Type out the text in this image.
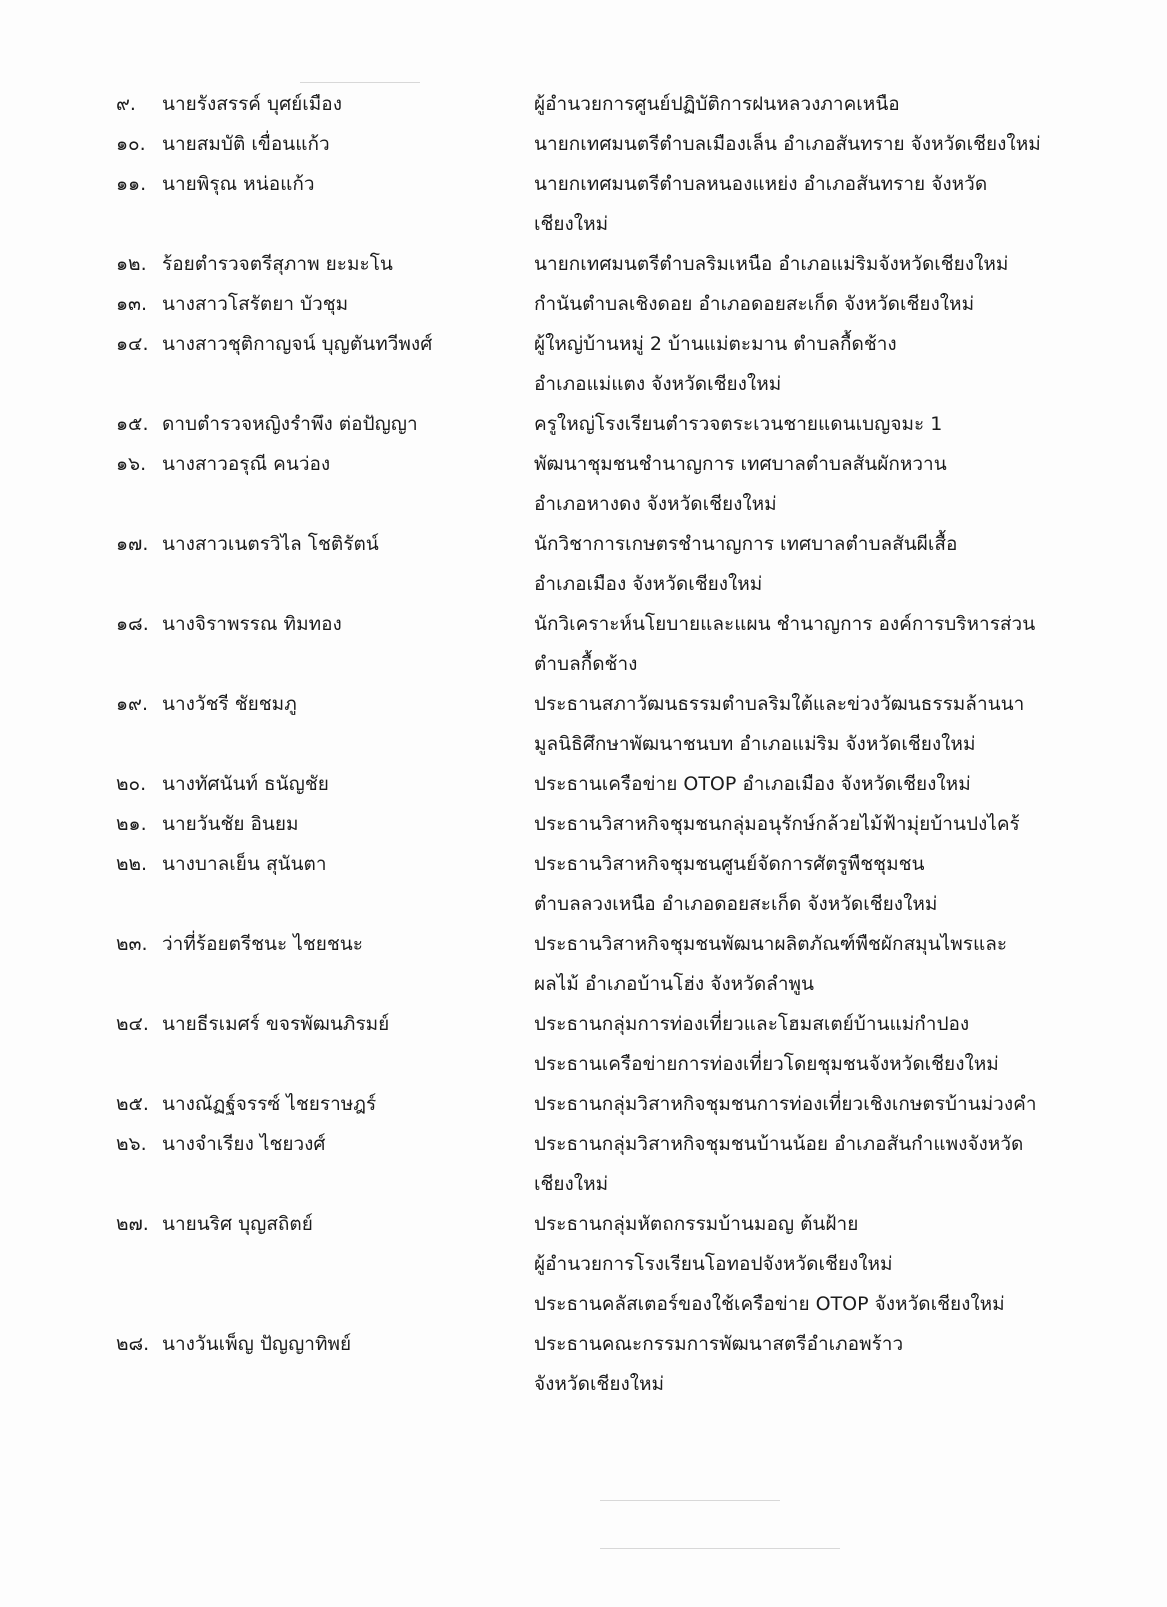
๙.	นายรังสรรค์ บุศย์เมือง	ผู้อำนวยการศูนย์ปฏิบัติการฝนหลวงภาคเหนือ
๑๐. นายสมบัติ เขื่อนแก้ว	นายกเทศมนตรีตำบลเมืองเล็น อำเภอสันทราย จังหวัดเชียงใหม่
๑๑. นายพิรุณ หน่อแก้ว	นายกเทศมนตรีตำบลหนองแหย่ง อำเภอสันทราย จังหวัด
เชียงใหม่
๑๒. ร้อยตำรวจตรีสุภาพ ยะมะโน	นายกเทศมนตรีตำบลริมเหนือ อำเภอแม่ริมจังหวัดเชียงใหม่
๑๓. นางสาวโสรัตยา บัวชุม	กำนันตำบลเชิงดอย อำเภอดอยสะเก็ด จังหวัดเชียงใหม่
๑๔. นางสาวชุติกาญจน์ บุญตันทวีพงศ์	ผู้ใหญ่บ้านหมู่ 2 บ้านแม่ตะมาน ตำบลกื้ดช้าง
อำเภอแม่แตง จังหวัดเชียงใหม่
๑๕. ดาบตำรวจหญิงรำพึง ต่อปัญญา	ครูใหญ่โรงเรียนตำรวจตระเวนชายแดนเบญจมะ 1
๑๖. นางสาวอรุณี คนว่อง	พัฒนาชุมชนชำนาญการ เทศบาลตำบลสันผักหวาน
อำเภอหางดง จังหวัดเชียงใหม่
๑๗. นางสาวเนตรวิไล โชติรัตน์	นักวิชาการเกษตรชำนาญการ เทศบาลตำบลสันผีเสื้อ
อำเภอเมือง จังหวัดเชียงใหม่
๑๘. นางจิราพรรณ ทิมทอง	นักวิเคราะห์นโยบายและแผน ชำนาญการ องค์การบริหารส่วน
ตำบลกื้ดช้าง
๑๙. นางวัชรี ชัยชมภู	ประธานสภาวัฒนธรรมตำบลริมใต้และข่วงวัฒนธรรมล้านนา
มูลนิธิศึกษาพัฒนาชนบท อำเภอแม่ริม จังหวัดเชียงใหม่
๒๐. นางทัศนันท์ ธนัญชัย	ประธานเครือข่าย OTOP อำเภอเมือง จังหวัดเชียงใหม่
๒๑. นายวันชัย อินยม	ประธานวิสาหกิจชุมชนกลุ่มอนุรักษ์กล้วยไม้ฟ้ามุ่ยบ้านปงไคร้
๒๒. นางบาลเย็น สุนันตา	ประธานวิสาหกิจชุมชนศูนย์จัดการศัตรูพืชชุมชน
ตำบลลวงเหนือ อำเภอดอยสะเก็ด จังหวัดเชียงใหม่
๒๓. ว่าที่ร้อยตรีชนะ ไชยชนะ	ประธานวิสาหกิจชุมชนพัฒนาผลิตภัณฑ์พืชผักสมุนไพรและ
ผลไม้ อำเภอบ้านโฮ่ง จังหวัดลำพูน
๒๔. นายธีรเมศร์ ขจรพัฒนภิรมย์	ประธานกลุ่มการท่องเที่ยวและโฮมสเตย์บ้านแม่กำปอง
ประธานเครือข่ายการท่องเที่ยวโดยชุมชนจังหวัดเชียงใหม่
๒๕. นางณัฏฐ์จรรซ์ ไชยราษฎร์	ประธานกลุ่มวิสาหกิจชุมชนการท่องเที่ยวเชิงเกษตรบ้านม่วงคำ
๒๖. นางจำเรียง ไชยวงศ์	ประธานกลุ่มวิสาหกิจชุมชนบ้านน้อย อำเภอสันกำแพงจังหวัด
เชียงใหม่
๒๗. นายนริศ บุญสถิตย์	ประธานกลุ่มหัตถกรรมบ้านมอญ ต้นฝ้าย
ผู้อำนวยการโรงเรียนโอทอปจังหวัดเชียงใหม่
ประธานคลัสเตอร์ของใช้เครือข่าย OTOP จังหวัดเชียงใหม่
๒๘. นางวันเพ็ญ ปัญญาทิพย์	ประธานคณะกรรมการพัฒนาสตรีอำเภอพร้าว
จังหวัดเชียงใหม่
